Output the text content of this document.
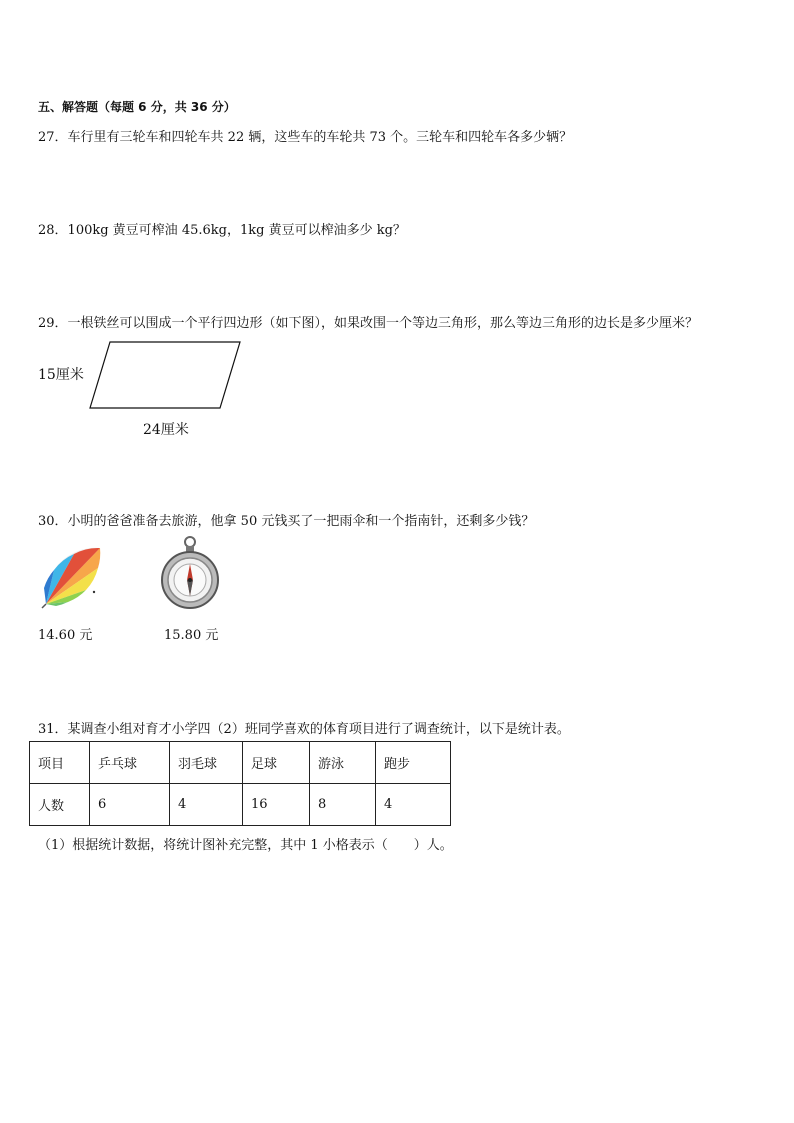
五、解答题（每题 6 分，共 36 分）
27．车行里有三轮车和四轮车共 22 辆，这些车的车轮共 73 个。三轮车和四轮车各多少辆？
28．100kg 黄豆可榨油 45.6kg，1kg 黄豆可以榨油多少 kg？
29．一根铁丝可以围成一个平行四边形（如下图），如果改围一个等边三角形，那么等边三角形的边长是多少厘米？
15厘米
24厘米
30．小明的爸爸准备去旅游，他拿 50 元钱买了一把雨伞和一个指南针，还剩多少钱？
14.60 元	15.80 元
31．某调查小组对育才小学四（2）班同学喜欢的体育项目进行了调查统计，以下是统计表。
项目	乒乓球	羽毛球	足球	游泳	跑步
人数	6	4	16	8	4
（1）根据统计数据，将统计图补充完整，其中 1 小格表示（　　）人。
